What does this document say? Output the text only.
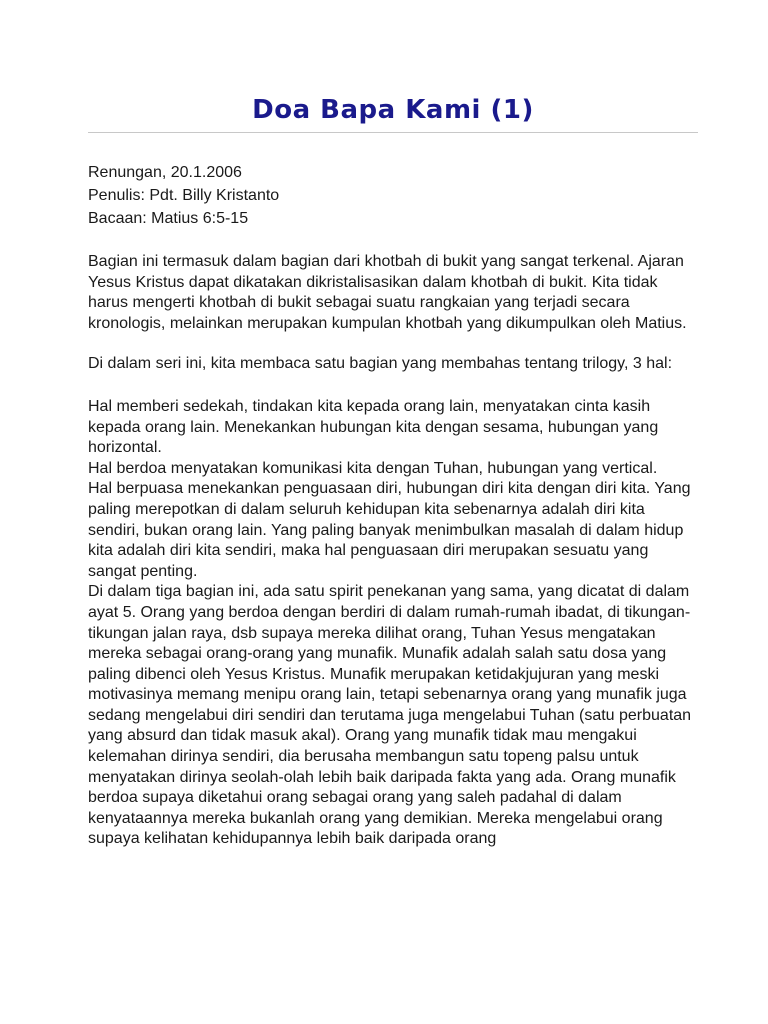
Doa Bapa Kami (1)
Renungan, 20.1.2006
Penulis: Pdt. Billy Kristanto
Bacaan: Matius 6:5-15

Bagian ini termasuk dalam bagian dari khotbah di bukit yang sangat terkenal. Ajaran Yesus Kristus dapat dikatakan dikristalisasikan dalam khotbah di bukit. Kita tidak harus mengerti khotbah di bukit sebagai suatu rangkaian yang terjadi secara kronologis, melainkan merupakan kumpulan khotbah yang dikumpulkan oleh Matius.

Di dalam seri ini, kita membaca satu bagian yang membahas tentang trilogy, 3 hal:

Hal memberi sedekah, tindakan kita kepada orang lain, menyatakan cinta kasih kepada orang lain. Menekankan hubungan kita dengan sesama, hubungan yang horizontal.
Hal berdoa menyatakan komunikasi kita dengan Tuhan, hubungan yang vertical.
Hal berpuasa menekankan penguasaan diri, hubungan diri kita dengan diri kita. Yang paling merepotkan di dalam seluruh kehidupan kita sebenarnya adalah diri kita sendiri, bukan orang lain. Yang paling banyak menimbulkan masalah di dalam hidup kita adalah diri kita sendiri, maka hal penguasaan diri merupakan sesuatu yang sangat penting.
Di dalam tiga bagian ini, ada satu spirit penekanan yang sama, yang dicatat di dalam ayat 5. Orang yang berdoa dengan berdiri di dalam rumah-rumah ibadat, di tikungan-tikungan jalan raya, dsb supaya mereka dilihat orang, Tuhan Yesus mengatakan mereka sebagai orang-orang yang munafik. Munafik adalah salah satu dosa yang paling dibenci oleh Yesus Kristus. Munafik merupakan ketidakjujuran yang meski motivasinya memang menipu orang lain, tetapi sebenarnya orang yang munafik juga sedang mengelabui diri sendiri dan terutama juga mengelabui Tuhan (satu perbuatan yang absurd dan tidak masuk akal). Orang yang munafik tidak mau mengakui kelemahan dirinya sendiri, dia berusaha membangun satu topeng palsu untuk menyatakan dirinya seolah-olah lebih baik daripada fakta yang ada. Orang munafik berdoa supaya diketahui orang sebagai orang yang saleh padahal di dalam kenyataannya mereka bukanlah orang yang demikian. Mereka mengelabui orang supaya kelihatan kehidupannya lebih baik daripada orang
